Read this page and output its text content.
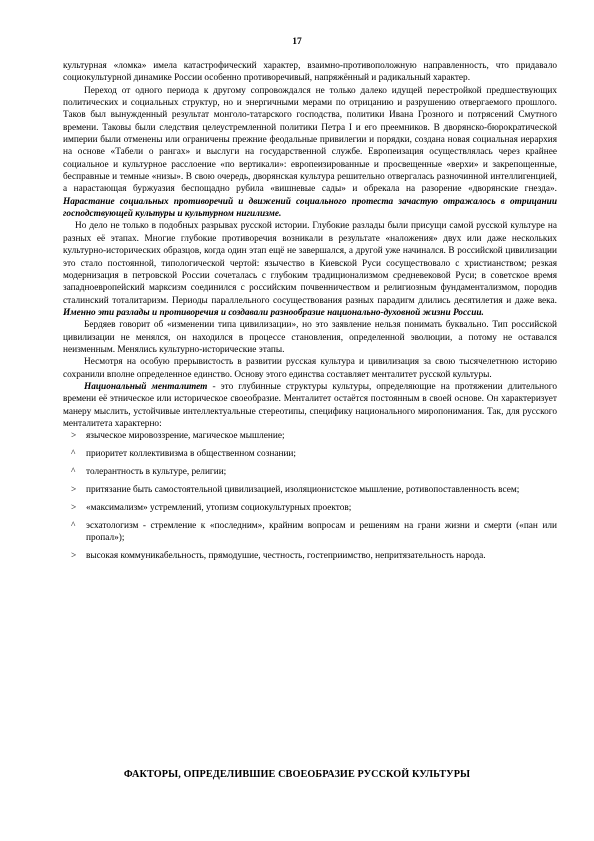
17

культурная «ломка» имела катастрофический характер, взаимно-противоположную направленность, что придавало социокультурной динамике России особенно противоречивый, напряжённый и радикальный характер.

Переход от одного периода к другому сопровождался не только далеко идущей перестройкой предшествующих политических и социальных структур, но и энергичными мерами по отрицанию и разрушению отвергаемого прошлого. Таков был вынужденный результат монголо-татарского господства, политики Ивана Грозного и потрясений Смутного времени. Таковы были следствия целеустремленной политики Петра I и его преемников. В дворянско-бюрократической империи были отменены или ограничены прежние феодальные привилегии и порядки, создана новая социальная иерархия на основе «Табели о рангах» и выслуги на государственной службе. Европеизация осуществлялась через крайнее социальное и культурное расслоение «по вертикали»: европеизированные и просвещенные «верхи» и закрепощенные, бесправные и темные «низы». В свою очередь, дворянская культура решительно отвергалась разночинной интеллигенцией, а нарастающая буржуазия беспощадно рубила «вишневые сады» и обрекала на разорение «дворянские гнезда». Нарастание социальных противоречий и движений социального протеста зачастую отражалось в отрицании господствующей культуры и культурном нигилизме.

Но дело не только в подобных разрывах русской истории. Глубокие разлады были присущи самой русской культуре на разных её этапах. Многие глубокие противоречия возникали в результате «наложения» двух или даже нескольких культурно-исторических образцов, когда один этап ещё не завершался, а другой уже начинался. В российской цивилизации это стало постоянной, типологической чертой: язычество в Киевской Руси сосуществовало с христианством; резкая модернизация в петровской России сочеталась с глубоким традиционализмом средневековой Руси; в советское время западноевропейский марксизм соединился с российским почвенничеством и религиозным фундаментализмом, породив сталинский тоталитаризм. Периоды параллельного сосуществования разных парадигм длились десятилетия и даже века. Именно эти разлады и противоречия и создавали разнообразие национально-духовной жизни России.

Бердяев говорит об «изменении типа цивилизации», но это заявление нельзя понимать буквально. Тип российской цивилизации не менялся, он находился в процессе становления, определенной эволюции, а потому не оставался неизменным. Менялись культурно-исторические этапы.

Несмотря на особую прерывистость в развитии русская культура и цивилизация за свою тысячелетнюю историю сохранили вполне определенное единство. Основу этого единства составляет менталитет русской культуры.

Национальный менталитет - это глубинные структуры культуры, определяющие на протяжении длительного времени её этническое или историческое своеобразие. Менталитет остаётся постоянным в своей основе. Он характеризует манеру мыслить, устойчивые интеллектуальные стереотипы, специфику национального миропонимания. Так, для русского менталитета характерно:

> языческое мировоззрение, магическое мышление;
^ приоритет коллективизма в общественном сознании;
^ толерантность в культуре, религии;
> притязание быть самостоятельной цивилизацией, изоляционистское мышление, ротивопоставленность всем;
> «максимализм» устремлений, утопизм социокультурных проектов;
^ эсхатологизм - стремление к «последним», крайним вопросам и решениям на грани жизни и смерти («пан или пропал»);
> высокая коммуникабельность, прямодушие, честность, гостеприимство, непритязательность народа.
ФАКТОРЫ, ОПРЕДЕЛИВШИЕ СВОЕОБРАЗИЕ РУССКОЙ КУЛЬТУРЫ
